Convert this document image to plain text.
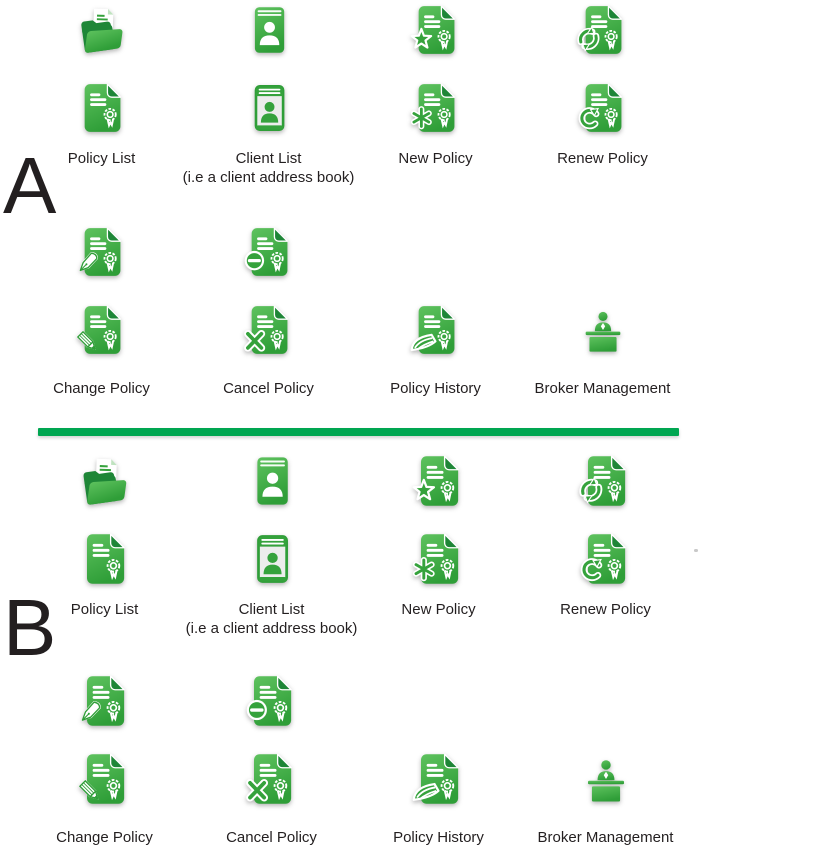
A Policy List	Client List
(i.e a client address book)
New Policy	Renew Policy
Change Policy	Cancel Policy	Policy History	Broker Management
B Policy List	Client List
(i.e a client address book)
New Policy	Renew Policy
Change Policy	Cancel Policy	Policy History	Broker Management
